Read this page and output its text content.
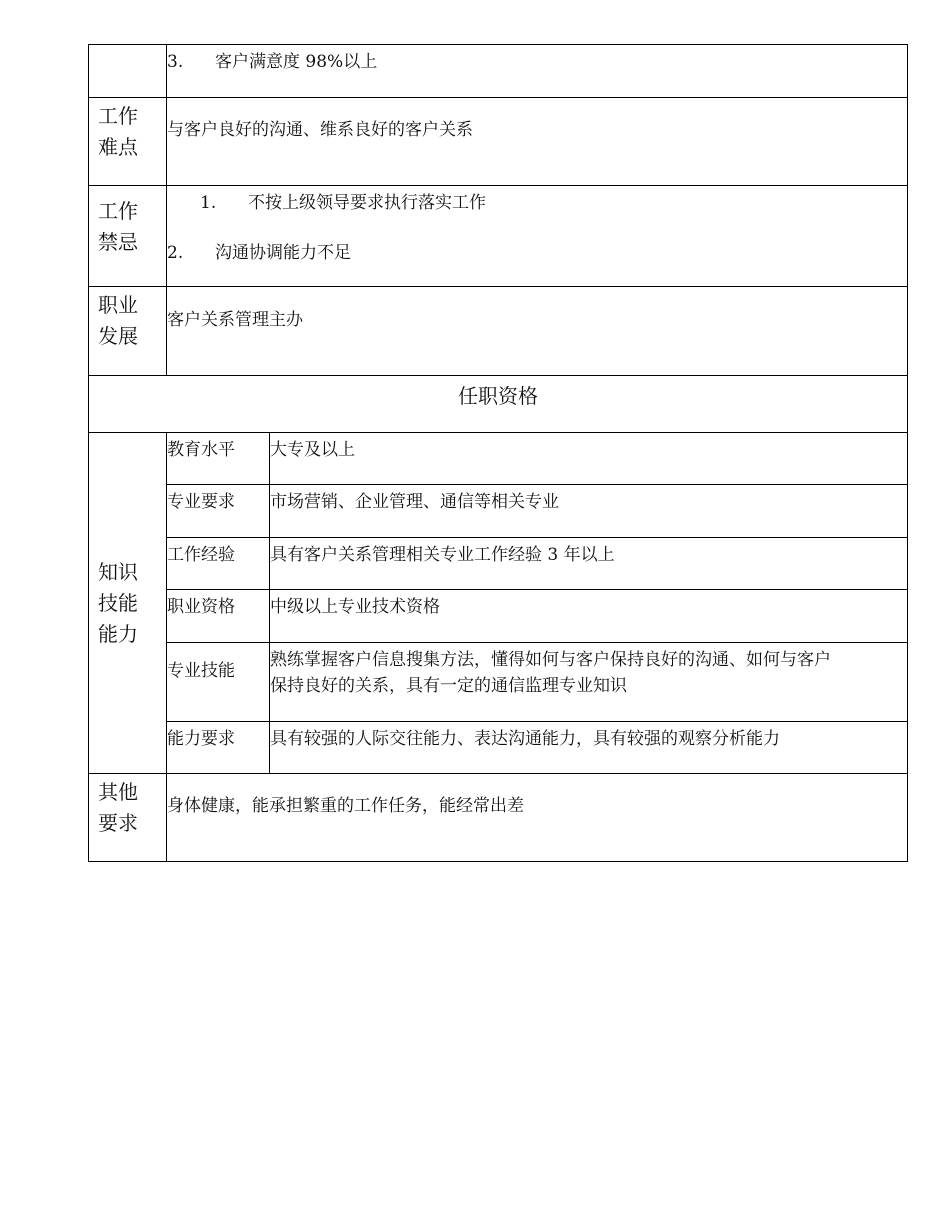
	3. 客户满意度 98%以上	

工作
难点	与客户良好的沟通、维系良好的客户关系	

工作
禁忌	1. 不按上级领导要求执行落实工作
2. 沟通协调能力不足	

职业
发展	客户关系管理主办	
任职资格		

知识
技能
能力	教育水平	大专及以上
	专业要求	市场营销、企业管理、通信等相关专业
	工作经验	具有客户关系管理相关专业工作经验 3 年以上
	职业资格	中级以上专业技术资格
	专业技能	熟练掌握客户信息搜集方法，懂得如何与客户保持良好的沟通、如何与客户
保持良好的关系，具有一定的通信监理专业知识

	能力要求	具有较强的人际交往能力、表达沟通能力，具有较强的观察分析能力

其他
要求	身体健康，能承担繁重的工作任务，能经常出差	
